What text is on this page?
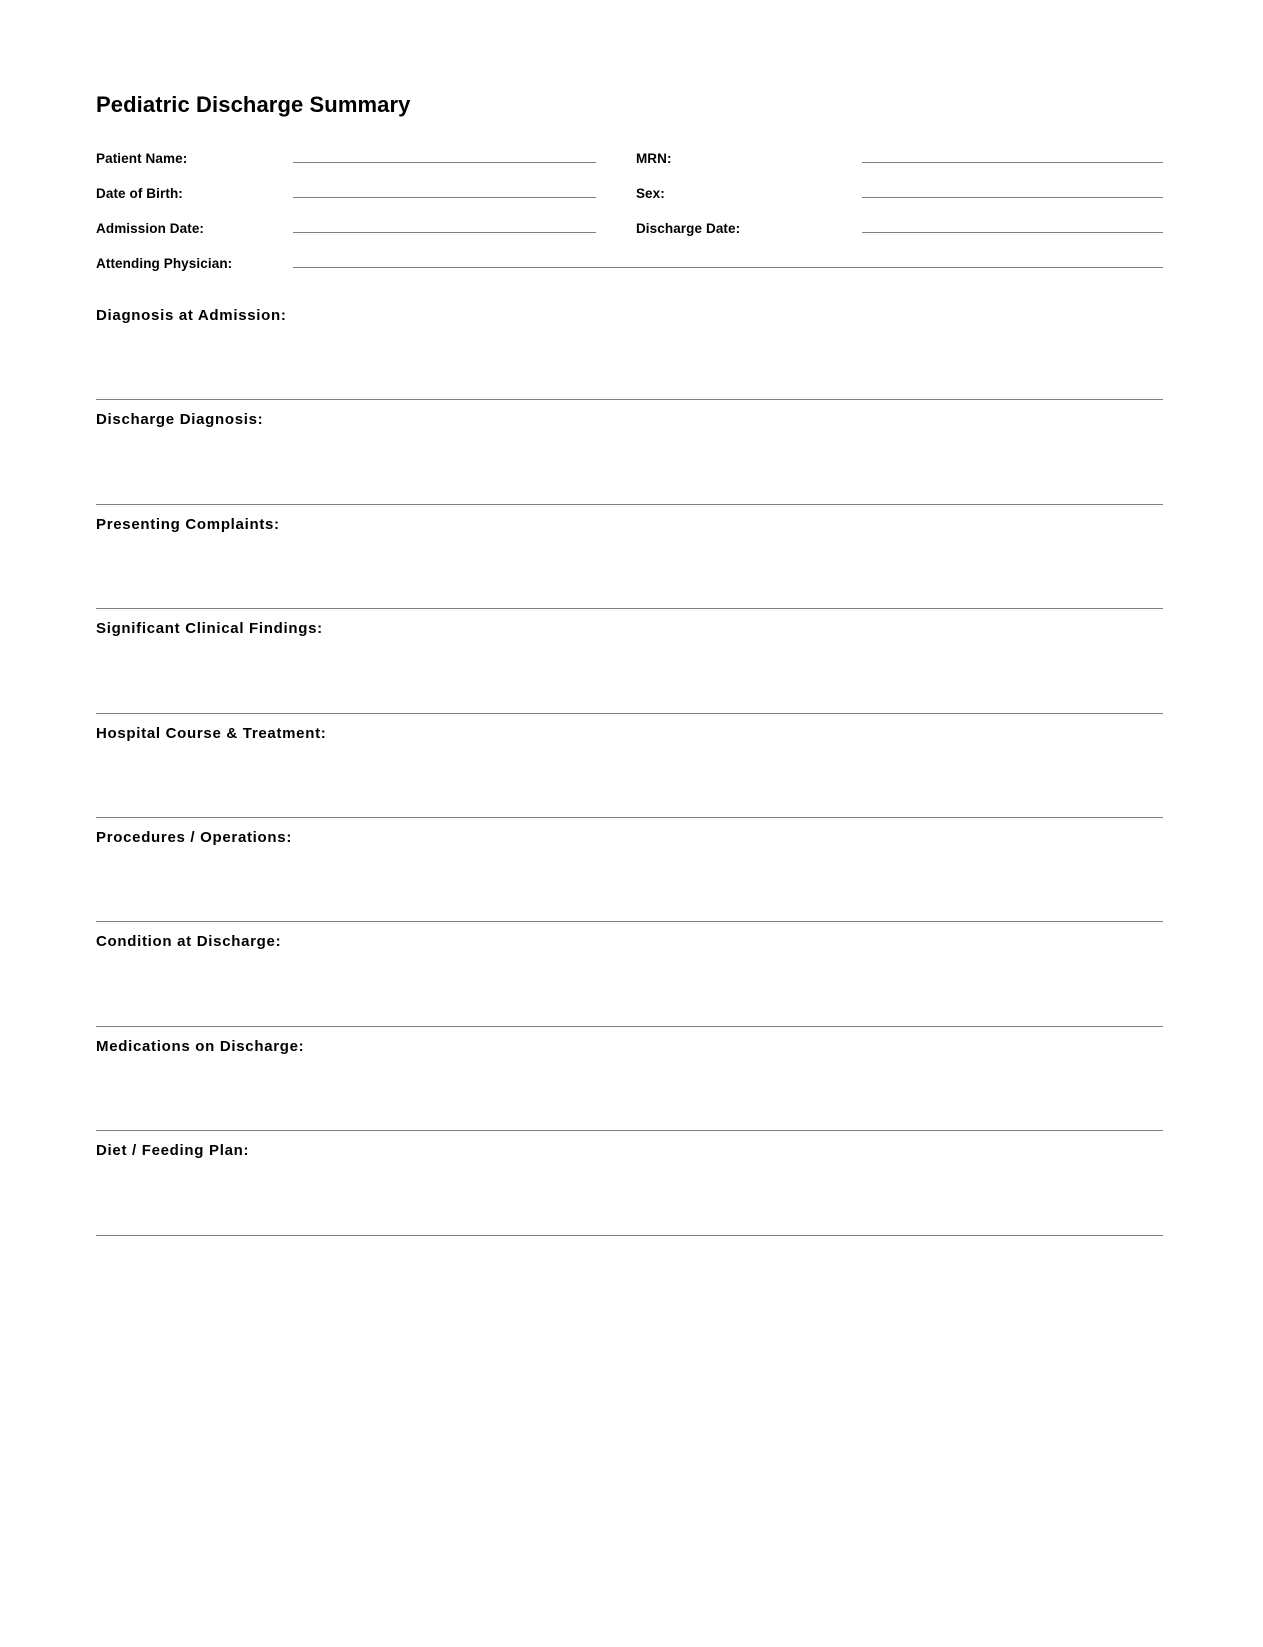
Pediatric Discharge Summary
Patient Name:			MRN:	

Date of Birth:			Sex:	

Admission Date:			Discharge Date:	

Attending Physician:				
Diagnosis at Admission:
Discharge Diagnosis:
Presenting Complaints:
Significant Clinical Findings:
Hospital Course & Treatment:
Procedures / Operations:
Condition at Discharge:
Medications on Discharge:
Diet / Feeding Plan:
